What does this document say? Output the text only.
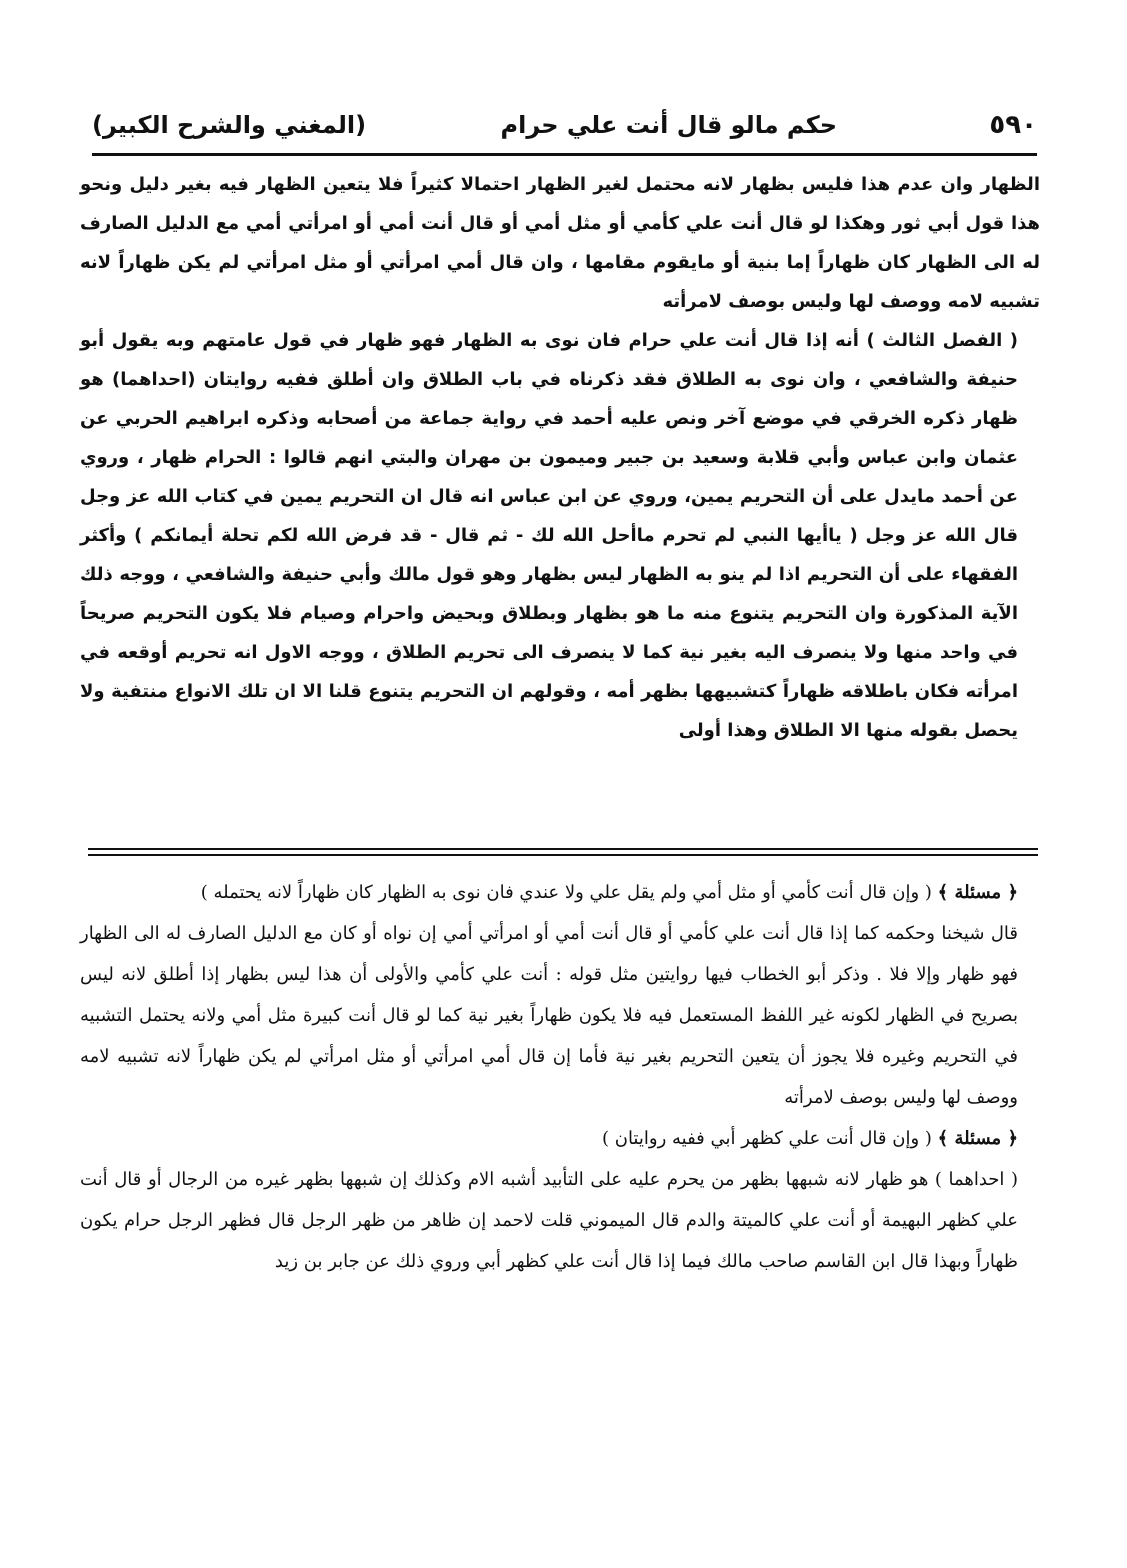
٥٩٠
حكم مالو قال أنت علي حرام
(المغني والشرح الكبير)

الظهار وان عدم هذا فليس بظهار لانه محتمل لغير الظهار احتمالا كثيراً فلا يتعين الظهار فيه بغير دليل ونحو هذا قول أبي ثور وهكذا لو قال أنت علي كأمي أو مثل أمي أو قال أنت أمي أو امرأتي أمي مع الدليل الصارف له الى الظهار كان ظهاراً إما بنية أو مايقوم مقامها ، وان قال أمي امرأتي أو مثل امرأتي لم يكن ظهاراً لانه تشبيه لامه ووصف لها وليس بوصف لامرأته

( الفصل الثالث ) أنه إذا قال أنت علي حرام فان نوى به الظهار فهو ظهار في قول عامتهم وبه يقول أبو حنيفة والشافعي ، وان نوى به الطلاق فقد ذكرناه في باب الطلاق وان أطلق ففيه روايتان (احداهما) هو ظهار ذكره الخرقي في موضع آخر ونص عليه أحمد في رواية جماعة من أصحابه وذكره ابراهيم الحربي عن عثمان وابن عباس وأبي قلابة وسعيد بن جبير وميمون بن مهران والبتي انهم قالوا : الحرام ظهار ، وروي عن أحمد مايدل على أن التحريم يمين، وروي عن ابن عباس انه قال ان التحريم يمين في كتاب الله عز وجل قال الله عز وجل ( ياأيها النبي لم تحرم ماأحل الله لك - ثم قال - قد فرض الله لكم تحلة أيمانكم ) وأكثر الفقهاء على أن التحريم اذا لم ينو به الظهار ليس بظهار وهو قول مالك وأبي حنيفة والشافعي ، ووجه ذلك الآية المذكورة وان التحريم يتنوع منه ما هو بظهار وبطلاق وبحيض واحرام وصيام فلا يكون التحريم صريحاً في واحد منها ولا ينصرف اليه بغير نية كما لا ينصرف الى تحريم الطلاق ، ووجه الاول انه تحريم أوقعه في امرأته فكان باطلاقه ظهاراً كتشبيهها بظهر أمه ، وقولهم ان التحريم يتنوع قلنا الا ان تلك الانواع منتفية ولا يحصل بقوله منها الا الطلاق وهذا أولى

﴿ مسئلة ﴾ ( وإن قال أنت كأمي أو مثل أمي ولم يقل علي ولا عندي فان نوى به الظهار كان ظهاراً لانه يحتمله )

قال شيخنا وحكمه كما إذا قال أنت علي كأمي أو قال أنت أمي أو امرأتي أمي إن نواه أو كان مع الدليل الصارف له الى الظهار فهو ظهار وإلا فلا . وذكر أبو الخطاب فيها روايتين مثل قوله : أنت علي كأمي والأولى أن هذا ليس بظهار إذا أطلق لانه ليس بصريح في الظهار لكونه غير اللفظ المستعمل فيه فلا يكون ظهاراً بغير نية كما لو قال أنت كبيرة مثل أمي ولانه يحتمل التشبيه في التحريم وغيره فلا يجوز أن يتعين التحريم بغير نية فأما إن قال أمي امرأتي أو مثل امرأتي لم يكن ظهاراً لانه تشبيه لامه ووصف لها وليس بوصف لامرأته

﴿ مسئلة ﴾ ( وإن قال أنت علي كظهر أبي ففيه روايتان )

( احداهما ) هو ظهار لانه شبهها بظهر من يحرم عليه على التأبيد أشبه الام وكذلك إن شبهها بظهر غيره من الرجال أو قال أنت علي كظهر البهيمة أو أنت علي كالميتة والدم قال الميموني قلت لاحمد إن ظاهر من ظهر الرجل قال فظهر الرجل حرام يكون ظهاراً وبهذا قال ابن القاسم صاحب مالك فيما إذا قال أنت علي كظهر أبي وروي ذلك عن جابر بن زيد
